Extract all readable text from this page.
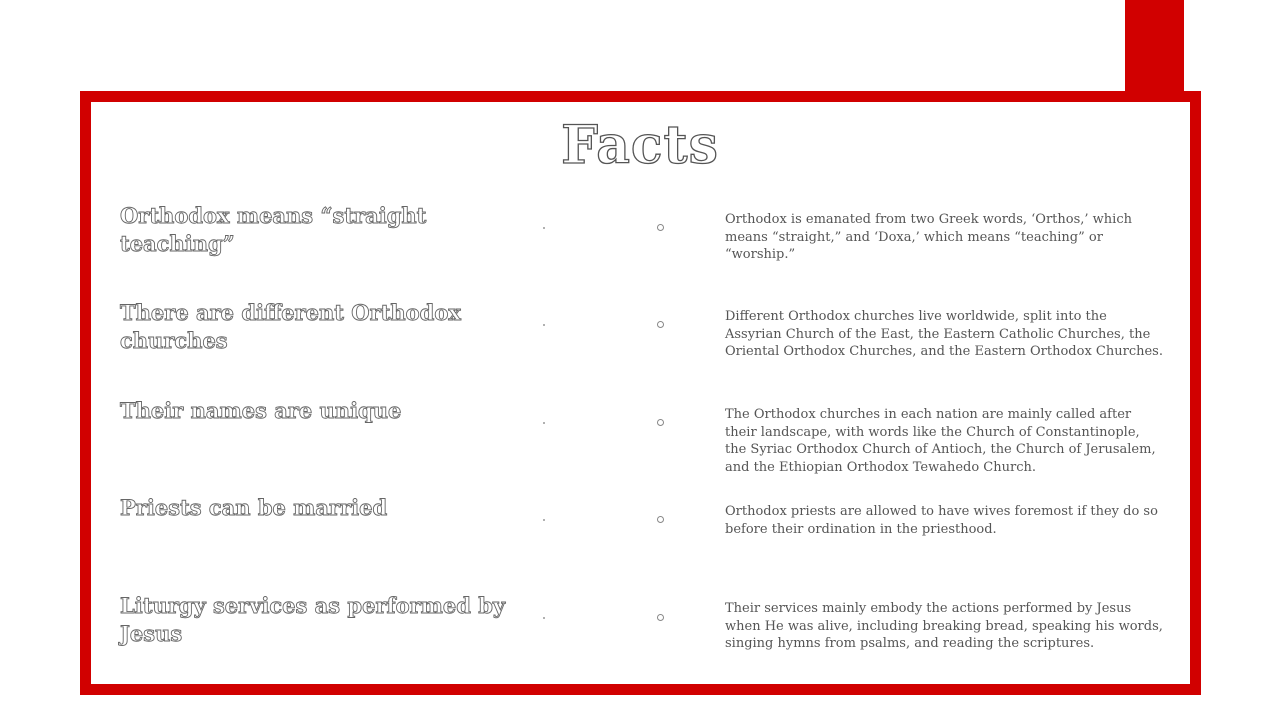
Facts
Orthodox means “straight teaching”
Orthodox is emanated from two Greek words, ‘Orthos,’ which means “straight,” and ‘Doxa,’ which means “teaching” or “worship.”
There are different Orthodox churches
Different Orthodox churches live worldwide, split into the Assyrian Church of the East, the Eastern Catholic Churches, the Oriental Orthodox Churches, and the Eastern Orthodox Churches.
Their names are unique	The Orthodox churches in each nation are mainly called after their landscape, with words like the Church of Constantinople, the Syriac Orthodox Church of Antioch, the Church of Jerusalem, and the Ethiopian Orthodox Tewahedo Church.
Priests can be married	Orthodox priests are allowed to have wives foremost if they do so before their ordination in the priesthood.
Liturgy services as performed by Jesus
Their services mainly embody the actions performed by Jesus when He was alive, including breaking bread, speaking his words, singing hymns from psalms, and reading the scriptures.
